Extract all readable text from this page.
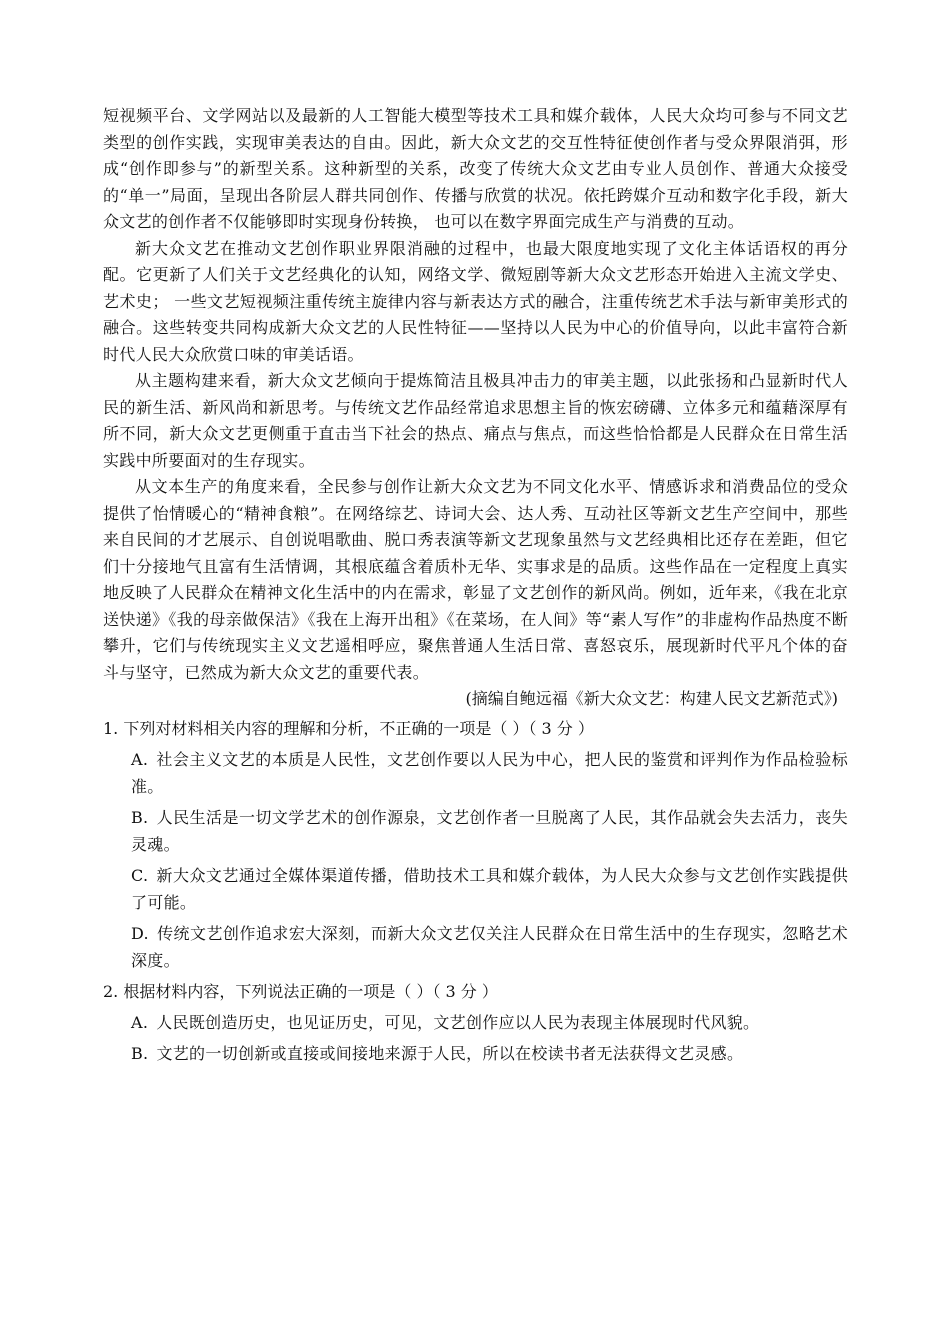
短视频平台、文学网站以及最新的人工智能大模型等技术工具和媒介载体，人民大众均可参与不同文艺类型的创作实践，实现审美表达的自由。因此，新大众文艺的交互性特征使创作者与受众界限消弭，形成“创作即参与”的新型关系。这种新型的关系，改变了传统大众文艺由专业人员创作、普通大众接受的“单一”局面，呈现出各阶层人群共同创作、传播与欣赏的状况。依托跨媒介互动和数字化手段，新大众文艺的创作者不仅能够即时实现身份转换， 也可以在数字界面完成生产与消费的互动。

新大众文艺在推动文艺创作职业界限消融的过程中，也最大限度地实现了文化主体话语权的再分配。它更新了人们关于文艺经典化的认知，网络文学、微短剧等新大众文艺形态开始进入主流文学史、艺术史； 一些文艺短视频注重传统主旋律内容与新表达方式的融合，注重传统艺术手法与新审美形式的融合。这些转变共同构成新大众文艺的人民性特征——坚持以人民为中心的价值导向，以此丰富符合新时代人民大众欣赏口味的审美话语。

从主题构建来看，新大众文艺倾向于提炼简洁且极具冲击力的审美主题，以此张扬和凸显新时代人民的新生活、新风尚和新思考。与传统文艺作品经常追求思想主旨的恢宏磅礴、立体多元和蕴藉深厚有所不同，新大众文艺更侧重于直击当下社会的热点、痛点与焦点，而这些恰恰都是人民群众在日常生活实践中所要面对的生存现实。

从文本生产的角度来看，全民参与创作让新大众文艺为不同文化水平、情感诉求和消费品位的受众提供了怡情暖心的“精神食粮”。在网络综艺、诗词大会、达人秀、互动社区等新文艺生产空间中，那些来自民间的才艺展示、自创说唱歌曲、脱口秀表演等新文艺现象虽然与文艺经典相比还存在差距，但它们十分接地气且富有生活情调，其根底蕴含着质朴无华、实事求是的品质。这些作品在一定程度上真实地反映了人民群众在精神文化生活中的内在需求，彰显了文艺创作的新风尚。例如，近年来，《我在北京送快递》《我的母亲做保洁》《我在上海开出租》《在菜场，在人间》等“素人写作”的非虚构作品热度不断攀升，它们与传统现实主义文艺遥相呼应，聚焦普通人生活日常、喜怒哀乐，展现新时代平凡个体的奋斗与坚守，已然成为新大众文艺的重要代表。

(摘编自鲍远福《新大众文艺：构建人民文艺新范式》)

1. 下列对材料相关内容的理解和分析，不正确的一项是（ ）（ 3 分 ）

A. 社会主义文艺的本质是人民性，文艺创作要以人民为中心，把人民的鉴赏和评判作为作品检验标准。

B. 人民生活是一切文学艺术的创作源泉，文艺创作者一旦脱离了人民，其作品就会失去活力，丧失灵魂。

C. 新大众文艺通过全媒体渠道传播，借助技术工具和媒介载体，为人民大众参与文艺创作实践提供了可能。

D. 传统文艺创作追求宏大深刻，而新大众文艺仅关注人民群众在日常生活中的生存现实，忽略艺术深度。

2. 根据材料内容，下列说法正确的一项是（ ）（ 3 分 ）

A. 人民既创造历史，也见证历史，可见，文艺创作应以人民为表现主体展现时代风貌。

B. 文艺的一切创新或直接或间接地来源于人民，所以在校读书者无法获得文艺灵感。
